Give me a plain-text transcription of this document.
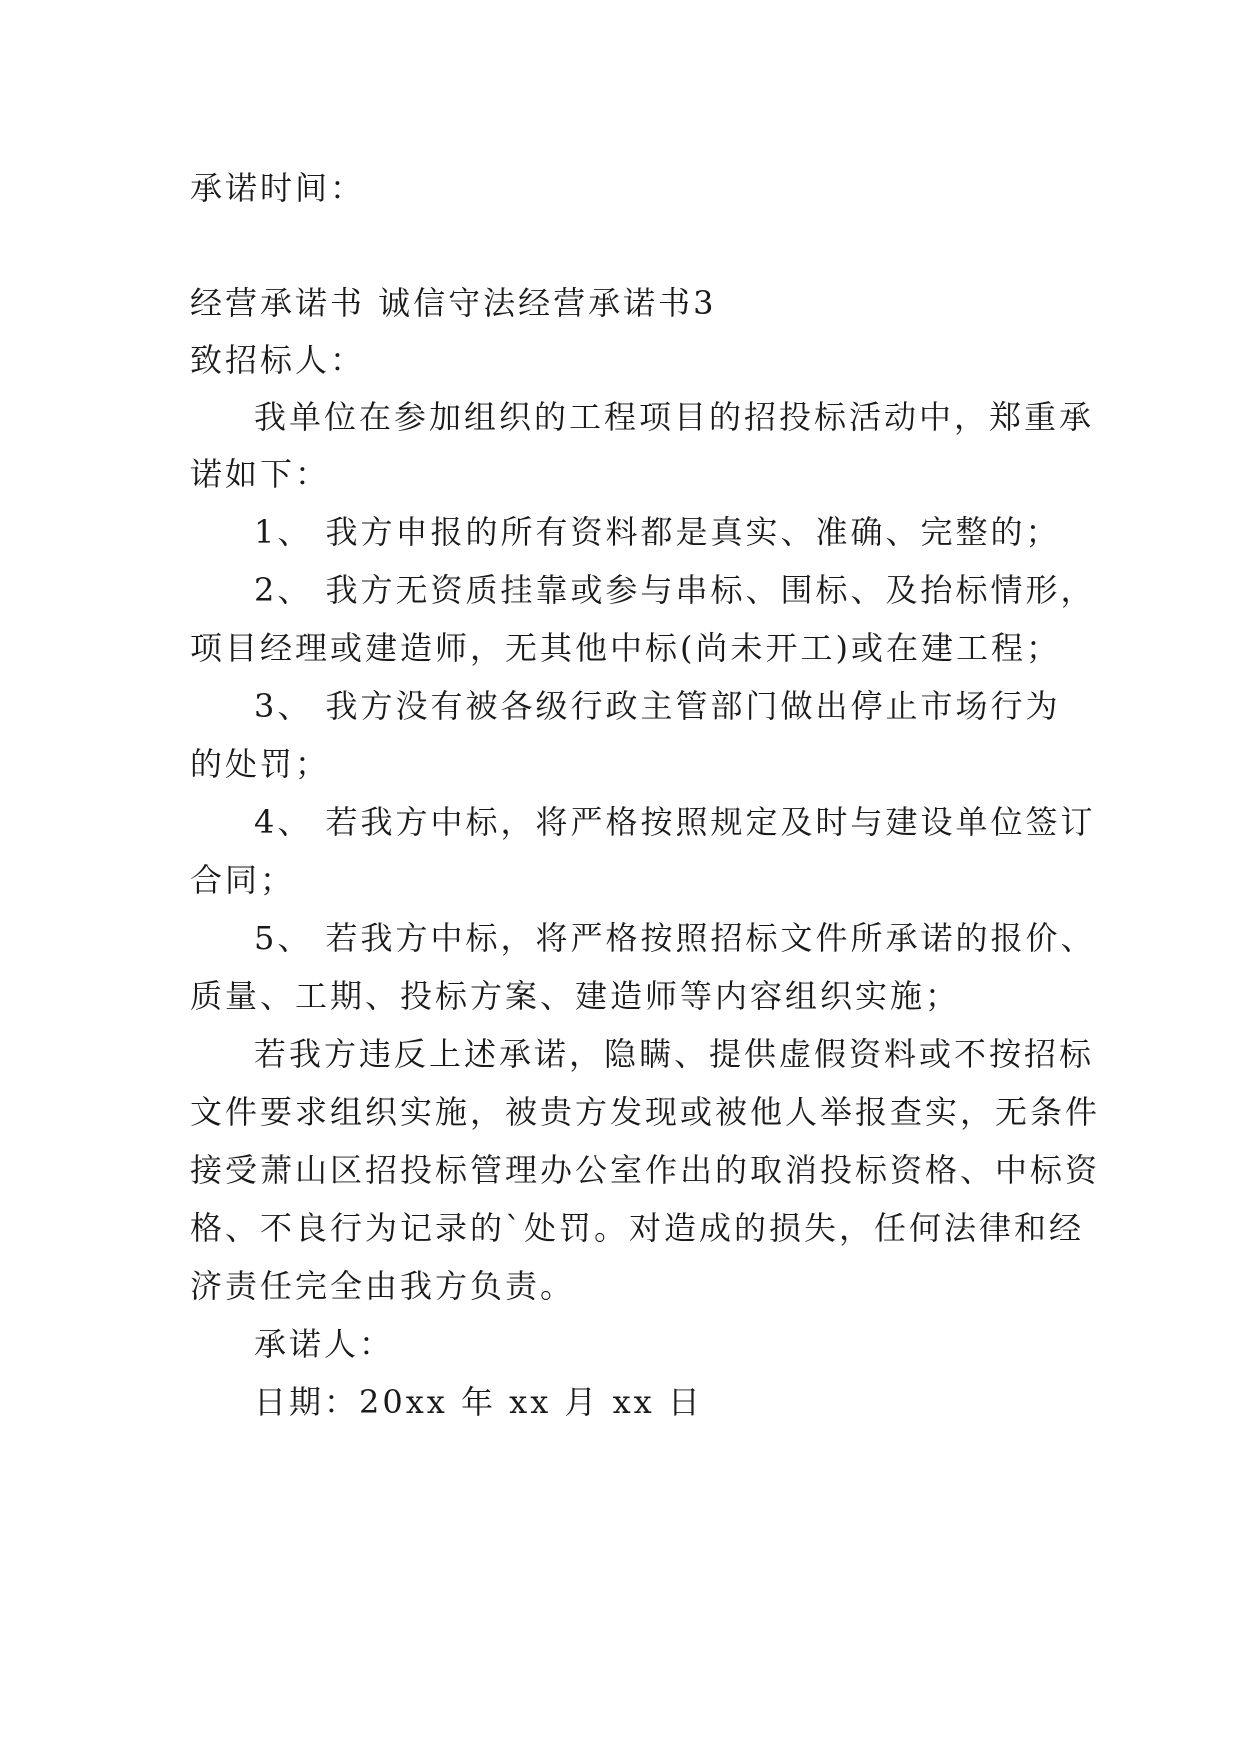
承诺时间：
经营承诺书 诚信守法经营承诺书3
致招标人：
我单位在参加组织的工程项目的招投标活动中，郑重承
诺如下：
1、 我方申报的所有资料都是真实、准确、完整的；
2、 我方无资质挂靠或参与串标、围标、及抬标情形，
项目经理或建造师，无其他中标(尚未开工)或在建工程；
3、 我方没有被各级行政主管部门做出停止市场行为
的处罚；
4、 若我方中标，将严格按照规定及时与建设单位签订
合同；
5、 若我方中标，将严格按照招标文件所承诺的报价、
质量、工期、投标方案、建造师等内容组织实施；
若我方违反上述承诺，隐瞒、提供虚假资料或不按招标
文件要求组织实施，被贵方发现或被他人举报查实，无条件
接受萧山区招投标管理办公室作出的取消投标资格、中标资
格、不良行为记录的`处罚。对造成的损失，任何法律和经
济责任完全由我方负责。
承诺人：
日期：20xx 年 xx 月 xx 日
